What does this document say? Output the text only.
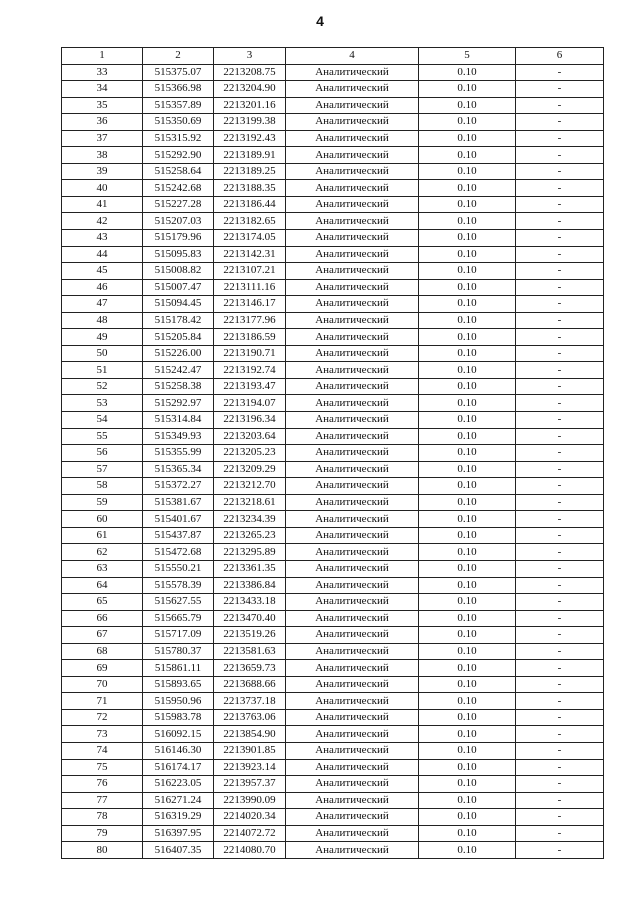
4
1	2	3	4	5	6
33	515375.07	2213208.75	Аналитический	0.10	-
34	515366.98	2213204.90	Аналитический	0.10	-
35	515357.89	2213201.16	Аналитический	0.10	-
36	515350.69	2213199.38	Аналитический	0.10	-
37	515315.92	2213192.43	Аналитический	0.10	-
38	515292.90	2213189.91	Аналитический	0.10	-
39	515258.64	2213189.25	Аналитический	0.10	-
40	515242.68	2213188.35	Аналитический	0.10	-
41	515227.28	2213186.44	Аналитический	0.10	-
42	515207.03	2213182.65	Аналитический	0.10	-
43	515179.96	2213174.05	Аналитический	0.10	-
44	515095.83	2213142.31	Аналитический	0.10	-
45	515008.82	2213107.21	Аналитический	0.10	-
46	515007.47	2213111.16	Аналитический	0.10	-
47	515094.45	2213146.17	Аналитический	0.10	-
48	515178.42	2213177.96	Аналитический	0.10	-
49	515205.84	2213186.59	Аналитический	0.10	-
50	515226.00	2213190.71	Аналитический	0.10	-
51	515242.47	2213192.74	Аналитический	0.10	-
52	515258.38	2213193.47	Аналитический	0.10	-
53	515292.97	2213194.07	Аналитический	0.10	-
54	515314.84	2213196.34	Аналитический	0.10	-
55	515349.93	2213203.64	Аналитический	0.10	-
56	515355.99	2213205.23	Аналитический	0.10	-
57	515365.34	2213209.29	Аналитический	0.10	-
58	515372.27	2213212.70	Аналитический	0.10	-
59	515381.67	2213218.61	Аналитический	0.10	-
60	515401.67	2213234.39	Аналитический	0.10	-
61	515437.87	2213265.23	Аналитический	0.10	-
62	515472.68	2213295.89	Аналитический	0.10	-
63	515550.21	2213361.35	Аналитический	0.10	-
64	515578.39	2213386.84	Аналитический	0.10	-
65	515627.55	2213433.18	Аналитический	0.10	-
66	515665.79	2213470.40	Аналитический	0.10	-
67	515717.09	2213519.26	Аналитический	0.10	-
68	515780.37	2213581.63	Аналитический	0.10	-
69	515861.11	2213659.73	Аналитический	0.10	-
70	515893.65	2213688.66	Аналитический	0.10	-
71	515950.96	2213737.18	Аналитический	0.10	-
72	515983.78	2213763.06	Аналитический	0.10	-
73	516092.15	2213854.90	Аналитический	0.10	-
74	516146.30	2213901.85	Аналитический	0.10	-
75	516174.17	2213923.14	Аналитический	0.10	-
76	516223.05	2213957.37	Аналитический	0.10	-
77	516271.24	2213990.09	Аналитический	0.10	-
78	516319.29	2214020.34	Аналитический	0.10	-
79	516397.95	2214072.72	Аналитический	0.10	-
80	516407.35	2214080.70	Аналитический	0.10	-
